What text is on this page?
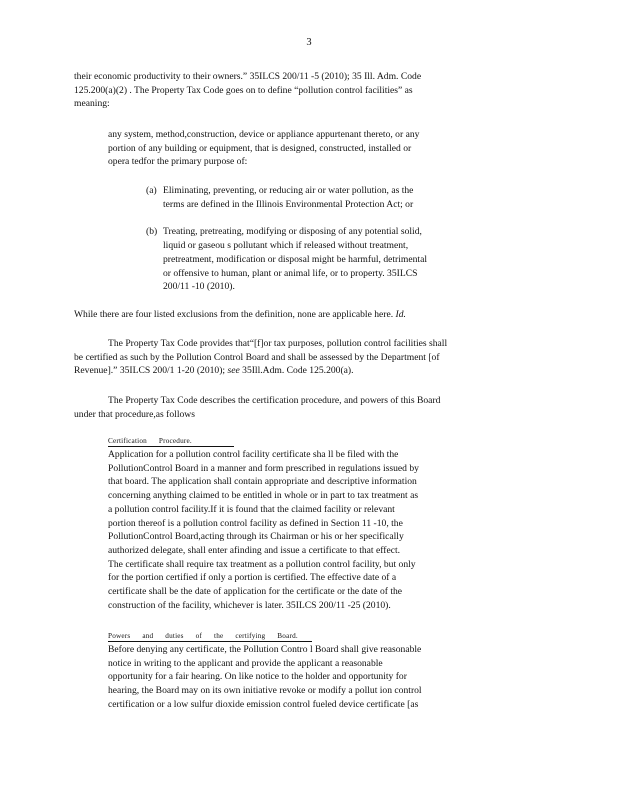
3
their economic productivity to their owners.” 35ILCS 200/11 -5 (2010); 35 Ill. Adm. Code
125.200(a)(2) . The Property Tax Code goes on to define “pollution control facilities” as
meaning:
any system, method,construction, device or appliance appurtenant thereto, or any
portion of any building or equipment, that is designed, constructed, installed or
opera tedfor the primary purpose of:
(a) Eliminating, preventing, or reducing air or water pollution, as the
terms are defined in the Illinois Environmental Protection Act; or
(b) Treating, pretreating, modifying or disposing of any potential solid,
liquid or gaseou s pollutant which if released without treatment,
pretreatment, modification or disposal might be harmful, detrimental
or offensive to human, plant or animal life, or to property. 35ILCS
200/11 -10 (2010).
While there are four listed exclusions from the definition, none are applicable here. Id.
The Property Tax Code provides that“[f]or tax purposes, pollution control facilities shall
be certified as such by the Pollution Control Board and shall be assessed by the Department [of
Revenue].” 35ILCS 200/1 1-20 (2010); see 35Ill.Adm. Code 125.200(a).
The Property Tax Code describes the certification procedure, and powers of this Board
under that procedure,as follows
Certification      Procedure.
Application for a pollution control facility certificate sha ll be filed with the
PollutionControl Board in a manner and form prescribed in regulations issued by
that board. The application shall contain appropriate and descriptive information
concerning anything claimed to be entitled in whole or in part to tax treatment as
a pollution control facility.If it is found that the claimed facility or relevant
portion thereof is a pollution control facility as defined in Section 11 -10, the
PollutionControl Board,acting through its Chairman or his or her specifically
authorized delegate, shall enter afinding and issue a certificate to that effect.
The certificate shall require tax treatment as a pollution control facility, but only
for the portion certified if only a portion is certified. The effective date of a
certificate shall be the date of application for the certificate or the date of the
construction of the facility, whichever is later. 35ILCS 200/11 -25 (2010).
Powers      and      duties      of      the      certifying      Board.
Before denying any certificate, the Pollution Contro l Board shall give reasonable
notice in writing to the applicant and provide the applicant a reasonable
opportunity for a fair hearing. On like notice to the holder and opportunity for
hearing, the Board may on its own initiative revoke or modify a pollut ion control
certification or a low sulfur dioxide emission control fueled device certificate [as
